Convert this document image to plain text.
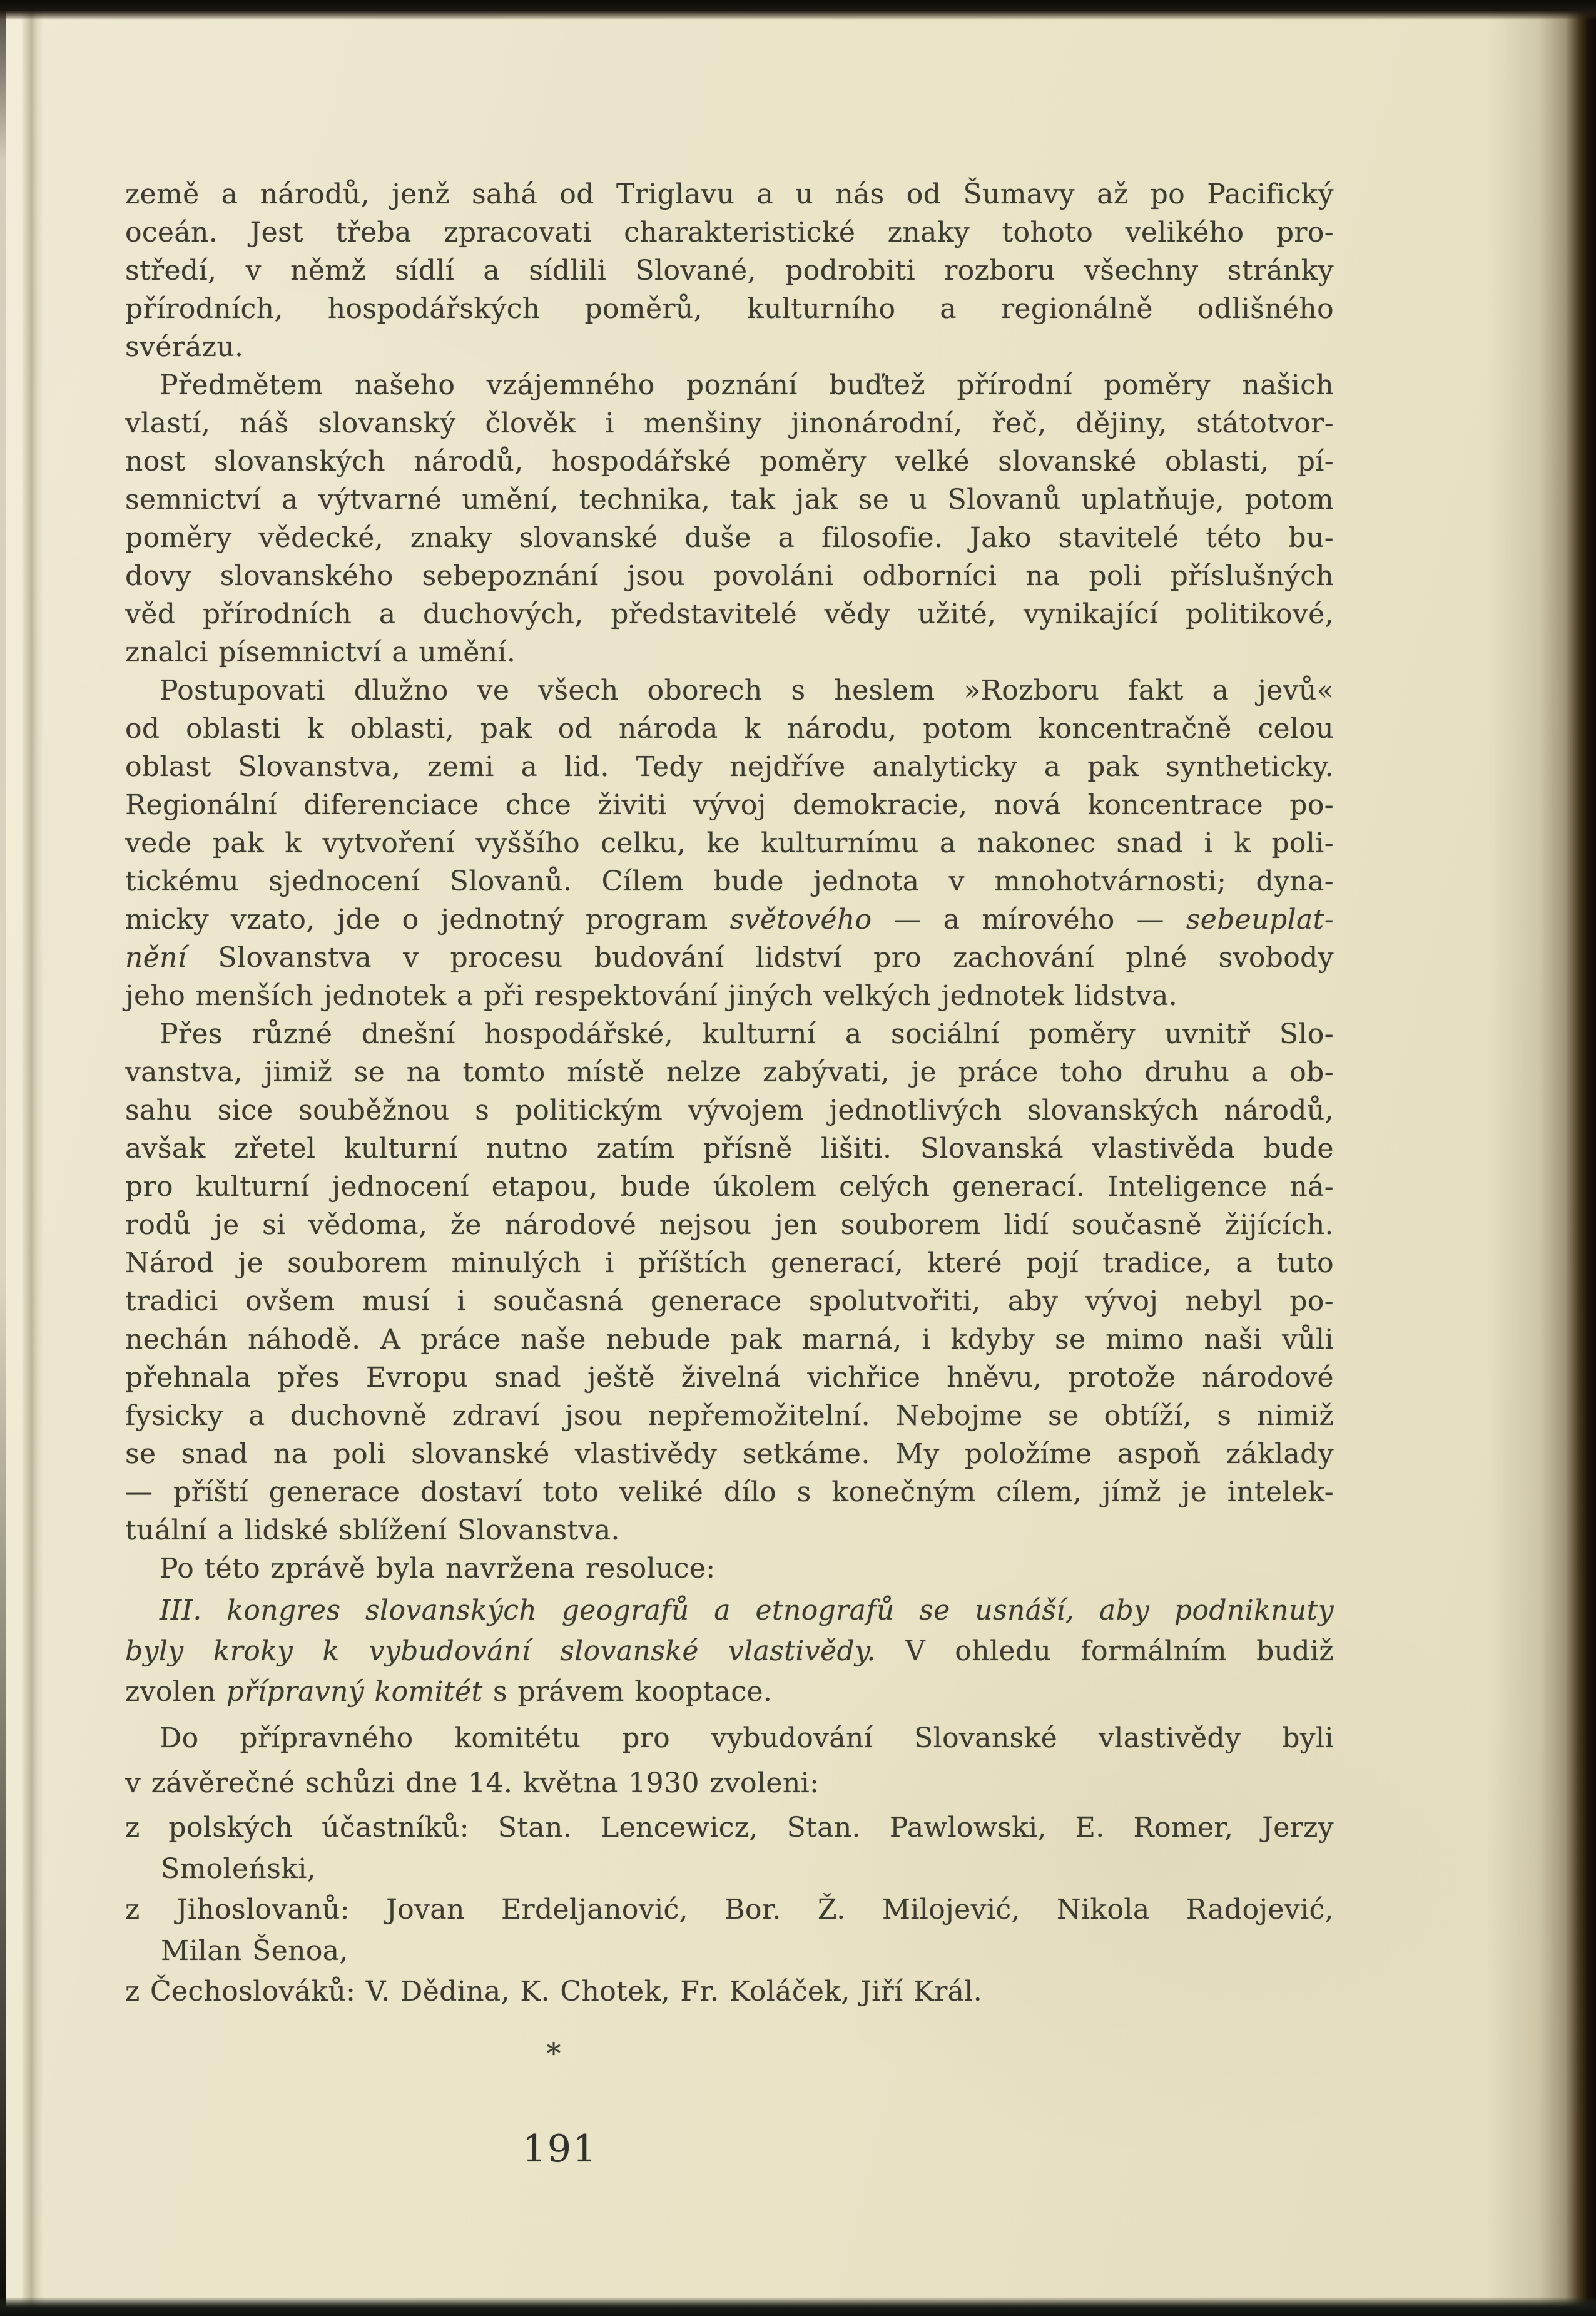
země a národů, jenž sahá od Triglavu a u nás od Šumavy až po Pacifický
oceán. Jest třeba zpracovati charakteristické znaky tohoto velikého pro-
středí, v němž sídlí a sídlili Slované, podrobiti rozboru všechny stránky
přírodních, hospodářských poměrů, kulturního a regionálně odlišného
svérázu.
Předmětem našeho vzájemného poznání buďtež přírodní poměry našich
vlastí, náš slovanský člověk i menšiny jinonárodní, řeč, dějiny, státotvor-
nost slovanských národů, hospodářské poměry velké slovanské oblasti, pí-
semnictví a výtvarné umění, technika, tak jak se u Slovanů uplatňuje, potom
poměry vědecké, znaky slovanské duše a filosofie. Jako stavitelé této bu-
dovy slovanského sebepoznání jsou povoláni odborníci na poli příslušných
věd přírodních a duchových, představitelé vědy užité, vynikající politikové,
znalci písemnictví a umění.
Postupovati dlužno ve všech oborech s heslem »Rozboru fakt a jevů«
od oblasti k oblasti, pak od národa k národu, potom koncentračně celou
oblast Slovanstva, zemi a lid. Tedy nejdříve analyticky a pak syntheticky.
Regionální diferenciace chce živiti vývoj demokracie, nová koncentrace po-
vede pak k vytvoření vyššího celku, ke kulturnímu a nakonec snad i k poli-
tickému sjednocení Slovanů. Cílem bude jednota v mnohotvárnosti; dyna-
micky vzato, jde o jednotný program světového — a mírového — sebeuplat-
nění Slovanstva v procesu budování lidství pro zachování plné svobody
jeho menších jednotek a při respektování jiných velkých jednotek lidstva.
Přes různé dnešní hospodářské, kulturní a sociální poměry uvnitř Slo-
vanstva, jimiž se na tomto místě nelze zabývati, je práce toho druhu a ob-
sahu sice souběžnou s politickým vývojem jednotlivých slovanských národů,
avšak zřetel kulturní nutno zatím přísně lišiti. Slovanská vlastivěda bude
pro kulturní jednocení etapou, bude úkolem celých generací. Inteligence ná-
rodů je si vědoma, že národové nejsou jen souborem lidí současně žijících.
Národ je souborem minulých i příštích generací, které pojí tradice, a tuto
tradici ovšem musí i současná generace spolutvořiti, aby vývoj nebyl po-
nechán náhodě. A práce naše nebude pak marná, i kdyby se mimo naši vůli
přehnala přes Evropu snad ještě živelná vichřice hněvu, protože národové
fysicky a duchovně zdraví jsou nepřemožitelní. Nebojme se obtíží, s nimiž
se snad na poli slovanské vlastivědy setkáme. My položíme aspoň základy
— příští generace dostaví toto veliké dílo s konečným cílem, jímž je intelek-
tuální a lidské sblížení Slovanstva.
Po této zprávě byla navržena resoluce:
III. kongres slovanských geografů a etnografů se usnáší, aby podniknuty
byly kroky k vybudování slovanské vlastivědy. V ohledu formálním budiž
zvolen přípravný komitét s právem kooptace.
Do přípravného komitétu pro vybudování Slovanské vlastivědy byli
v závěrečné schůzi dne 14. května 1930 zvoleni:
z polských účastníků: Stan. Lencewicz, Stan. Pawlowski, E. Romer, Jerzy
Smoleński,
z Jihoslovanů: Jovan Erdeljanović, Bor. Ž. Milojević, Nikola Radojević,
Milan Šenoa,
z Čechoslováků: V. Dědina, K. Chotek, Fr. Koláček, Jiří Král.
*
191
